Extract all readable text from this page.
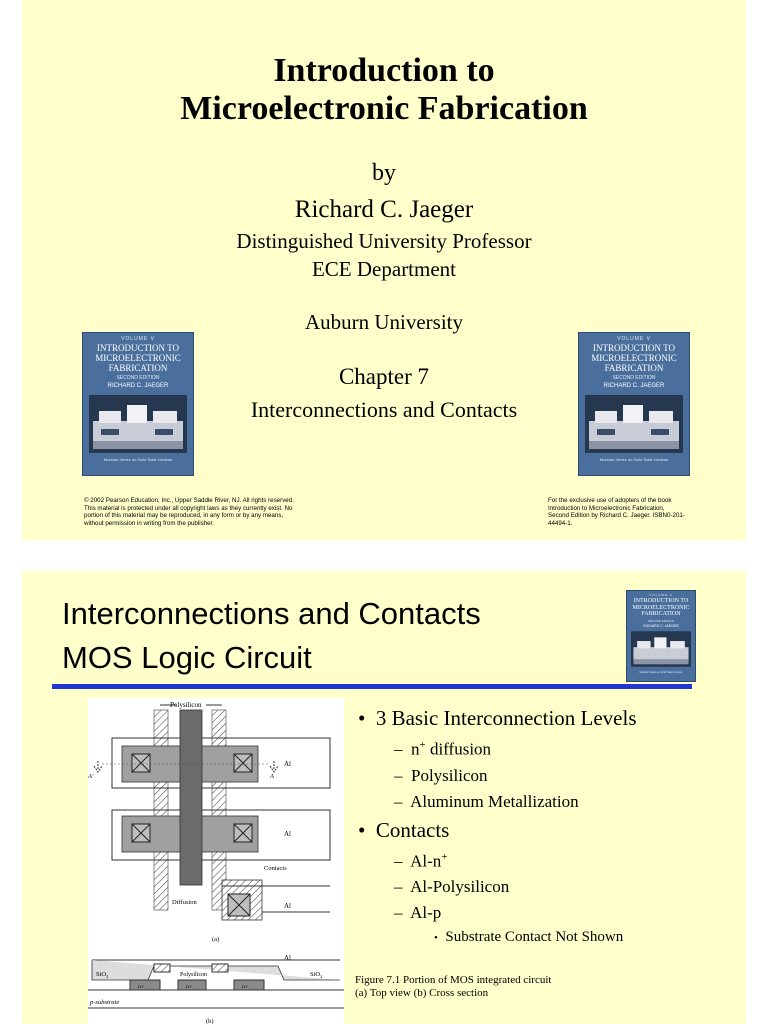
Introduction to
Microelectronic Fabrication
by
Richard C. Jaeger
Distinguished University Professor
ECE Department
Auburn University
VOLUME V
INTRODUCTION TO
MICROELECTRONIC
FABRICATION
SECOND EDITION
RICHARD C. JAEGER
Modular Series on Solid State Devices
VOLUME V
INTRODUCTION TO
MICROELECTRONIC
FABRICATION
SECOND EDITION
RICHARD C. JAEGER
Modular Series on Solid State Devices
Chapter 7
Interconnections and Contacts
© 2002 Pearson Education, Inc., Upper Saddle River, NJ. All rights reserved.
This material is protected under all copyright laws as they currently exist. No
portion of this material may be reproduced, in any form or by any means,
without permission in writing from the publisher.
For the exclusive use of adopters of the book
Introduction to Microelectronic Fabrication,
Second Edition by Richard C. Jaeger. ISBN0-201-
44494-1.
Interconnections and Contacts
MOS Logic Circuit
VOLUME V
INTRODUCTION TO
MICROELECTRONIC
FABRICATION
SECOND EDITION
RICHARD C. JAEGER
Modular Series on Solid State Devices
Polysilicon
Al
Al
Al
Contacts
Diffusion
A'	A
(a)
Al
SiO$_2$	SiO$_2$
Polysilicon
n+	n+	n+
p-substrate
(b)
• 3 Basic Interconnection Levels
– n+ diffusion
– Polysilicon
– Aluminum Metallization
• Contacts
– Al-n+
– Al-Polysilicon
– Al-p
• Substrate Contact Not Shown
Figure 7.1 Portion of MOS integrated circuit
(a) Top view (b) Cross section
